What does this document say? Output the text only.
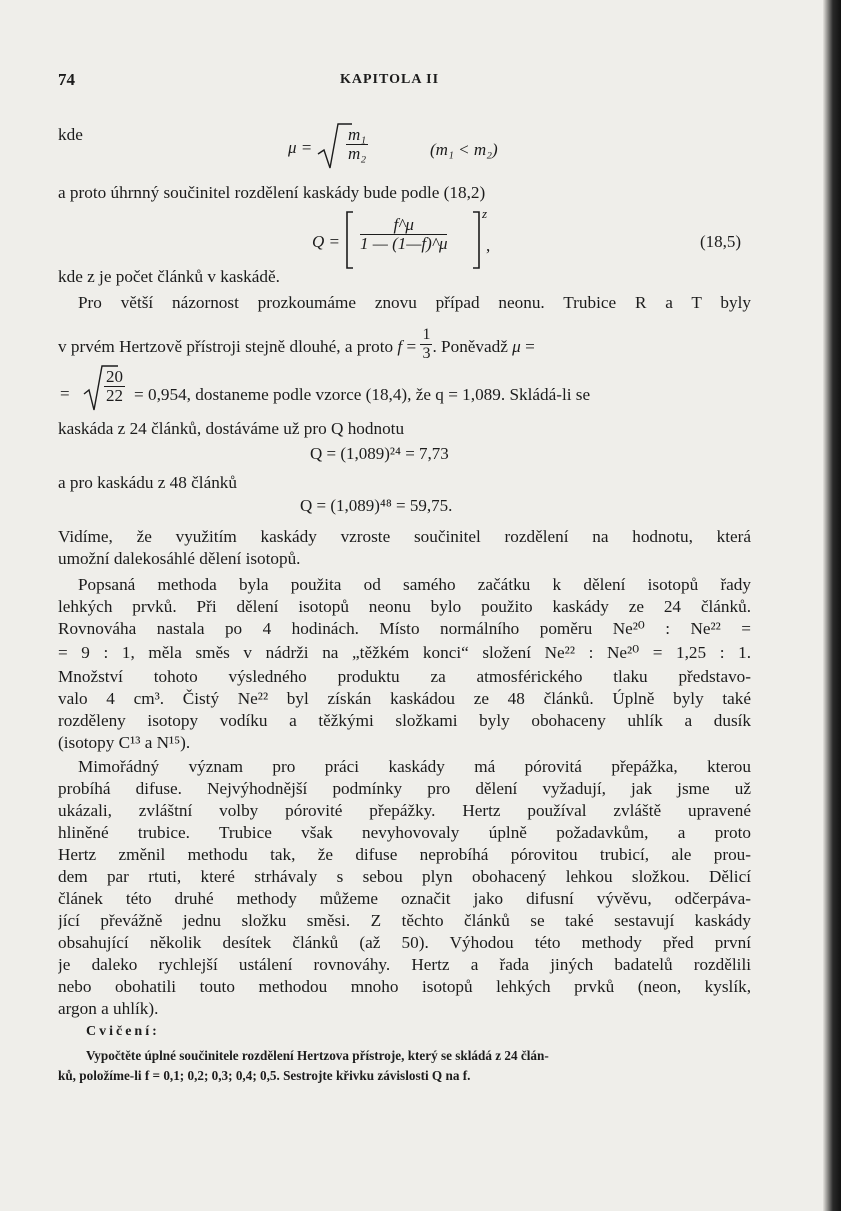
74	KAPITOLA II
kde
$\mu = \frac{\text{m₁}}{\text{m₂}}$	(m₁ < m₂)
a proto úhrnný součinitel rozdělení kaskády bude podle (18,2)
$Q = \frac{f\^{}\mu}{1 — (1—f)\^{}\mu}$
z
,	(18,5)
kde z je počet článků v kaskádě.
Pro větší názornost prozkoumáme znovu případ neonu. Trubice R a T byly
v prvém Hertzově přístroji stejně dlouhé, a proto $f = \frac{1}{3}$ . Poněvadž μ =
= $\frac{20}{22} = 0,954$, dostaneme podle vzorce (18,4), že q = 1,089. Skládá-li se
kaskáda z 24 článků, dostáváme už pro Q hodnotu
Q = (1,089)²⁴ = 7,73
a pro kaskádu z 48 článků
Q = (1,089)⁴⁸ = 59,75.
Vidíme, že využitím kaskády vzroste součinitel rozdělení na hodnotu, která
umožní dalekosáhlé dělení isotopů.
Popsaná methoda byla použita od samého začátku k dělení isotopů řady
lehkých prvků. Při dělení isotopů neonu bylo použito kaskády ze 24 článků.
Rovnováha nastala po 4 hodinách. Místo normálního poměru Ne²⁰ : Ne²² =
= 9 : 1, měla směs v nádrži na „těžkém konci“ složení Ne²² : Ne²⁰ = 1,25 : 1.
Množství tohoto výsledného produktu za atmosférického tlaku představo-
valo 4 cm³. Čistý Ne²² byl získán kaskádou ze 48 článků. Úplně byly také
rozděleny isotopy vodíku a těžkými složkami byly obohaceny uhlík a dusík
(isotopy C¹³ a N¹⁵).
Mimořádný význam pro práci kaskády má pórovitá přepážka, kterou
probíhá difuse. Nejvýhodnější podmínky pro dělení vyžadují, jak jsme už
ukázali, zvláštní volby pórovité přepážky. Hertz používal zvláště upravené
hliněné trubice. Trubice však nevyhovovaly úplně požadavkům, a proto
Hertz změnil methodu tak, že difuse neprobíhá pórovitou trubicí, ale prou-
dem par rtuti, které strhávaly s sebou plyn obohacený lehkou složkou. Dělicí
článek této druhé methody můžeme označit jako difusní vývěvu, odčerpáva-
jící převážně jednu složku směsi. Z těchto článků se také sestavují kaskády
obsahující několik desítek článků (až 50). Výhodou této methody před první
je daleko rychlejší ustálení rovnováhy. Hertz a řada jiných badatelů rozdělili
nebo obohatili touto methodou mnoho isotopů lehkých prvků (neon, kyslík,
argon a uhlík).
Cvičení:
Vypočtěte úplné součinitele rozdělení Hertzova přístroje, který se skládá z 24 člán-
ků, položíme-li f = 0,1; 0,2; 0,3; 0,4; 0,5. Sestrojte křivku závislosti Q na f.
